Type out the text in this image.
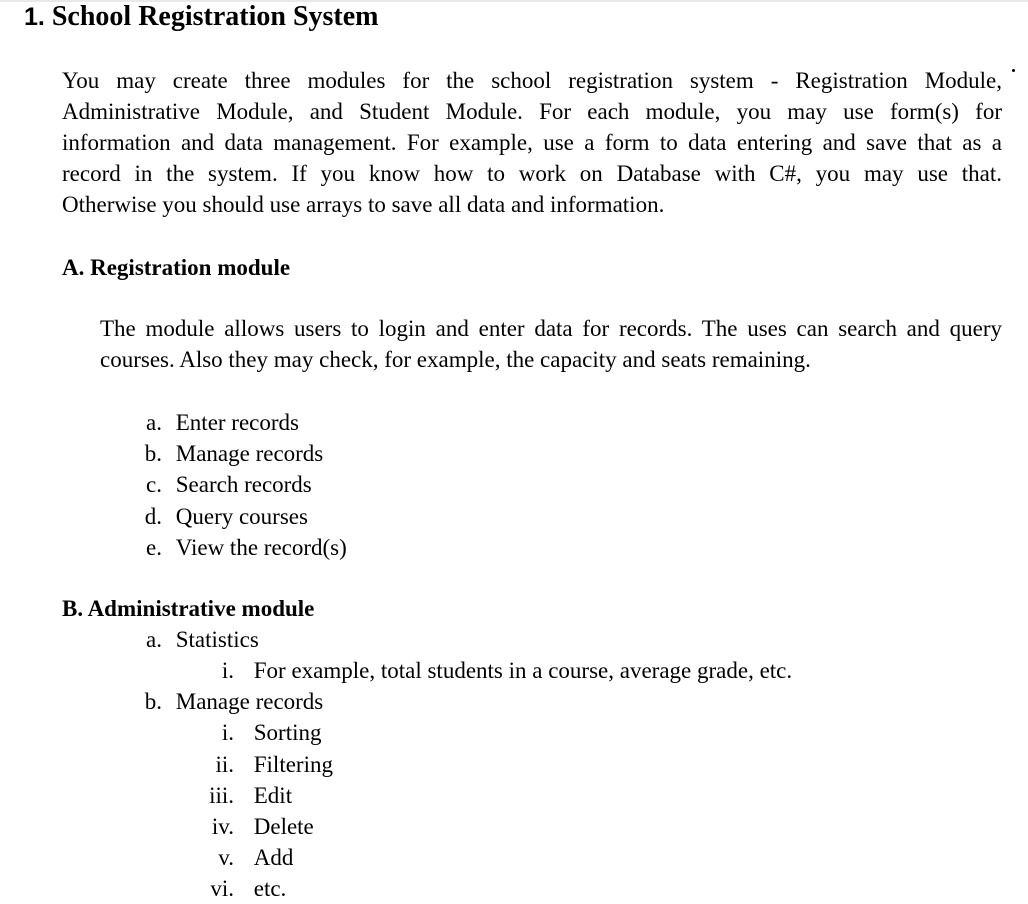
1. School Registration System
You may create three modules for the school registration system - Registration Module,
Administrative Module, and Student Module. For each module, you may use form(s) for
information and data management. For example, use a form to data entering and save that as a
record in the system. If you know how to work on Database with C#, you may use that.
Otherwise you should use arrays to save all data and information.
A. Registration module
The module allows users to login and enter data for records. The uses can search and query
courses. Also they may check, for example, the capacity and seats remaining.
a. Enter records
b. Manage records
c. Search records
d. Query courses
e. View the record(s)
B. Administrative module
a. Statistics
i. For example, total students in a course, average grade, etc.
b. Manage records
i. Sorting
ii. Filtering
iii. Edit
iv. Delete
v. Add
vi. etc.
